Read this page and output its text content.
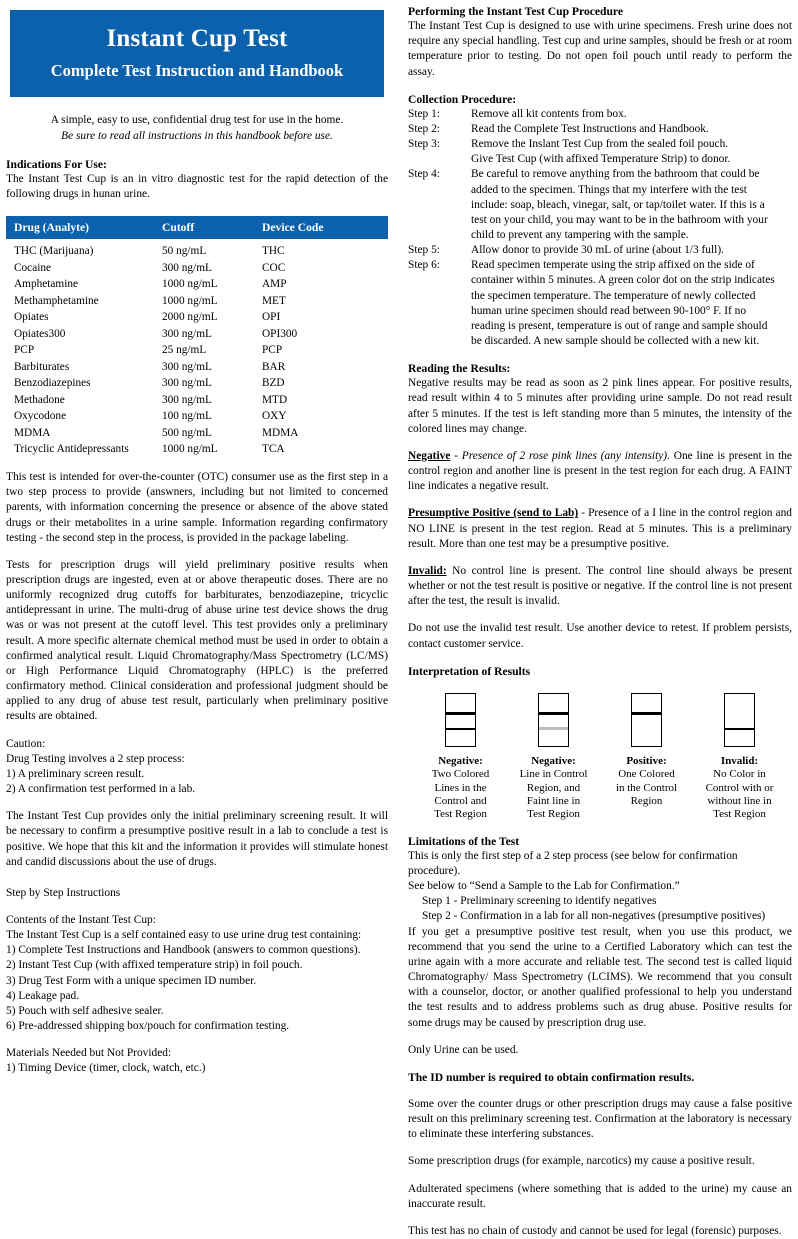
Instant Cup Test
Complete Test Instruction and Handbook
A simple, easy to use, confidential drug test for use in the home.
Be sure to read all instructions in this handbook before use.
Indications For Use:
The Instant Test Cup is an in vitro diagnostic test for the rapid detection of the following drugs in hunan urine.
Drug (Analyte)	Cutoff	Device Code
THC (Marijuana)	50 ng/mL	THC
Cocaine	300 ng/mL	COC
Amphetamine	1000 ng/mL	AMP
Methamphetamine	1000 ng/mL	MET
Opiates	2000 ng/mL	OPI
Opiates300	300 ng/mL	OPI300
PCP	25 ng/mL	PCP
Barbiturates	300 ng/mL	BAR
Benzodiazepines	300 ng/mL	BZD
Methadone	300 ng/mL	MTD
Oxycodone	100 ng/mL	OXY
MDMA	500 ng/mL	MDMA
Tricyclic Antidepressants	1000 ng/mL	TCA
This test is intended for over-the-counter (OTC) consumer use as the first step in a two step process to provide (answners, including but not limited to concerned parents, with information concerning the presence or absence of the above stated drugs or their metabolites in a urine sample. Information regarding confirmatory testing - the second step in the process, is provided in the package labeling.
Tests for prescription drugs will yield preliminary positive results when prescription drugs are ingested, even at or above therapeutic doses. There are no uniformly recognized drug cutoffs for barbiturates, benzodiazepine, tricyclic antidepressant in urine. The multi-drug of abuse urine test device shows the drug was or was not present at the cutoff level. This test provides only a preliminary result. A more specific alternate chemical method must be used in order to obtain a confirmed analytical result. Liquid Chromatography/Mass Spectrometry (LC/MS) or High Performance Liquid Chromatography (HPLC) is the preferred confirmatory method. Clinical consideration and professional judgment should be applied to any drug of abuse test result, particularly when preliminary positive results are obtained.
Caution:
Drug Testing involves a 2 step process:
1) A preliminary screen result.
2) A confirmation test performed in a lab.
The Instant Test Cup provides only the initial preliminary screening result. It will be necessary to confirm a presumptive positive result in a lab to conclude a test is positive. We hope that this kit and the information it provides will stimulate honest and candid discussions about the use of drugs.
Step by Step Instructions
Contents of the Instant Test Cup:
The Instant Test Cup is a self contained easy to use urine drug test containing:
1) Complete Test Instructions and Handbook (answers to common questions).
2) Instant Test Cup (with affixed temperature strip) in foil pouch.
3) Drug Test Form with a unique specimen ID number.
4) Leakage pad.
5) Pouch with self adhesive sealer.
6) Pre-addressed shipping box/pouch for confirmation testing.
Materials Needed but Not Provided:
1) Timing Device (timer, clock, watch, etc.)
Performing the Instant Test Cup Procedure
The Instant Test Cup is designed to use with urine specimens. Fresh urine does not require any special handling. Test cup and urine samples, should be fresh or at room temperature prior to testing. Do not open foil pouch until ready to perform the assay.
Collection Procedure:
Step 1:	Remove all kit contents from box.
Step 2:	Read the Complete Test Instructions and Handbook.
Step 3:	Remove the Inslant Test Cup from the sealed foil pouch.
Give Test Cup (with affixed Temperature Strip) to donor.
Step 4:	Be careful to remove anything from the bathroom that could be
added to the specimen. Things that my interfere with the test
include: soap, bleach, vinegar, salt, or tap/toilet water. If this is a
test on your child, you may want to be in the bathroom with your
child to prevent any tampering with the sample.
Step 5:	Allow donor to provide 30 mL of urine (about 1/3 full).
Step 6:	Read specimen temperate using the strip affixed on the side of
container within 5 minutes. A green color dot on the strip indicates
the specimen temperature. The temperature of newly collected
human urine specimen should read between 90-100° F. If no
reading is present, temperature is out of range and sample should
be discarded. A new sample should be collected with a new kit.
Reading the Results:
Negative results may be read as soon as 2 pink lines appear. For positive results, read result within 4 to 5 minutes after providing urine sample. Do not read result after 5 minutes. If the test is left standing more than 5 minutes, the intensity of the colored lines may change.
Negative - Presence of 2 rose pink lines (any intensity). One line is present in the control region and another line is present in the test region for each drug. A FAINT line indicates a negative result.
Presumptive Positive (send to Lab) - Presence of a I line in the control region and NO LINE is present in the test region. Read at 5 minutes. This is a preliminary result. More than one test may be a presumptive positive.
Invalid: No control line is present. The control line should always be present whether or not the test result is positive or negative. If the control line is not present after the test, the result is invalid.
Do not use the invalid test result. Use another device to retest. If problem persists, contact customer service.
Interpretation of Results
Negative:
Two Colored
Lines in the
Control and
Test Region
Negative:
Line in Control
Region, and
Faint line in
Test Region
Positive:
One Colored
in the Control
Region
Invalid:
No Color in
Control with or
without line in
Test Region
Limitations of the Test
This is only the first step of a 2 step process (see below for confirmation procedure).
See below to “Send a Sample to the Lab for Confirmation.”
Step 1 - Preliminary screening to identify negatives
Step 2 - Confirmation in a lab for all non-negatives (presumptive positives)
If you get a presumptive positive test result, when you use this product, we recommend that you send the urine to a Certified Laboratory which can test the urine again with a more accurate and reliable test. The second test is called liquid Chromatography/ Mass Spectrometry (LCIMS). We recommend that you consult with a counselor, doctor, or another qualified professional to help you understand the test results and to address problems such as drug abuse. Positive results for some drugs may be caused by prescription drug use.
Only Urine can be used.
The ID number is required to obtain confirmation results.
Some over the counter drugs or other prescription drugs may cause a false positive result on this preliminary screening test. Confirmation at the laboratory is necessary to eliminate these interfering substances.
Some prescription drugs (for example, narcotics) my cause a positive result.
Adulterated specimens (where something that is added to the urine) my cause an inaccurate result.
This test has no chain of custody and cannot be used for legal (forensic) purposes.
